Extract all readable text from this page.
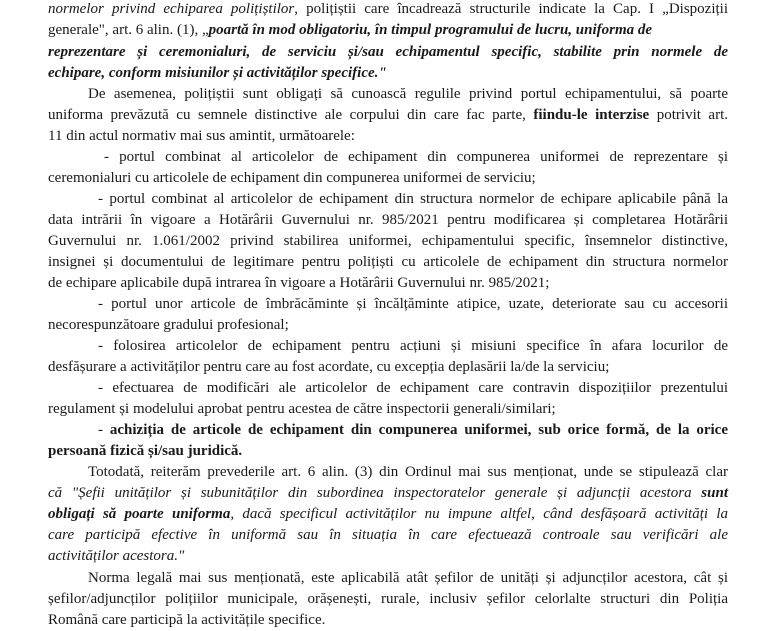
normelor privind echiparea polițiștilor, polițiștii care încadrează structurile indicate la Cap. I „Dispoziții
generale", art. 6 alin. (1), „poartă în mod obligatoriu, în timpul programului de lucru, uniforma de
reprezentare și ceremonialuri, de serviciu și/sau echipamentul specific, stabilite prin normele de
echipare, conform misiunilor și activităților specifice."
De asemenea, polițiștii sunt obligați să cunoască regulile privind portul echipamentului, să poarte
uniforma prevăzută cu semnele distinctive ale corpului din care fac parte, fiindu-le interzise potrivit art.
11 din actul normativ mai sus amintit, următoarele:
- portul combinat al articolelor de echipament din compunerea uniformei de reprezentare și
ceremonialuri cu articolele de echipament din compunerea uniformei de serviciu;
- portul combinat al articolelor de echipament din structura normelor de echipare aplicabile până la
data intrării în vigoare a Hotărârii Guvernului nr. 985/2021 pentru modificarea și completarea Hotărârii
Guvernului nr. 1.061/2002 privind stabilirea uniformei, echipamentului specific, însemnelor distinctive,
insignei și documentului de legitimare pentru polițiști cu articolele de echipament din structura normelor
de echipare aplicabile după intrarea în vigoare a Hotărârii Guvernului nr. 985/2021;
- portul unor articole de îmbrăcăminte și încălțăminte atipice, uzate, deteriorate sau cu accesorii
necorespunzătoare gradului profesional;
- folosirea articolelor de echipament pentru acțiuni și misiuni specifice în afara locurilor de
desfășurare a activităților pentru care au fost acordate, cu excepția deplasării la/de la serviciu;
- efectuarea de modificări ale articolelor de echipament care contravin dispozițiilor prezentului
regulament și modelului aprobat pentru acestea de către inspectorii generali/similari;
- achiziția de articole de echipament din compunerea uniformei, sub orice formă, de la orice
persoană fizică și/sau juridică.
Totodată, reiterăm prevederile art. 6 alin. (3) din Ordinul mai sus menționat, unde se stipulează clar
că "Șefii unităților și subunităților din subordinea inspectoratelor generale și adjuncții acestora sunt
obligați să poarte uniforma, dacă specificul activităților nu impune altfel, când desfășoară activități la
care participă efective în uniformă sau în situația în care efectuează controale sau verificări ale
activităților acestora."
Norma legală mai sus menționată, este aplicabilă atât șefilor de unități și adjuncților acestora, cât și
șefilor/adjuncților polițiilor municipale, orășenești, rurale, inclusiv șefilor celorlalte structuri din Poliția
Română care participă la activitățile specifice.
